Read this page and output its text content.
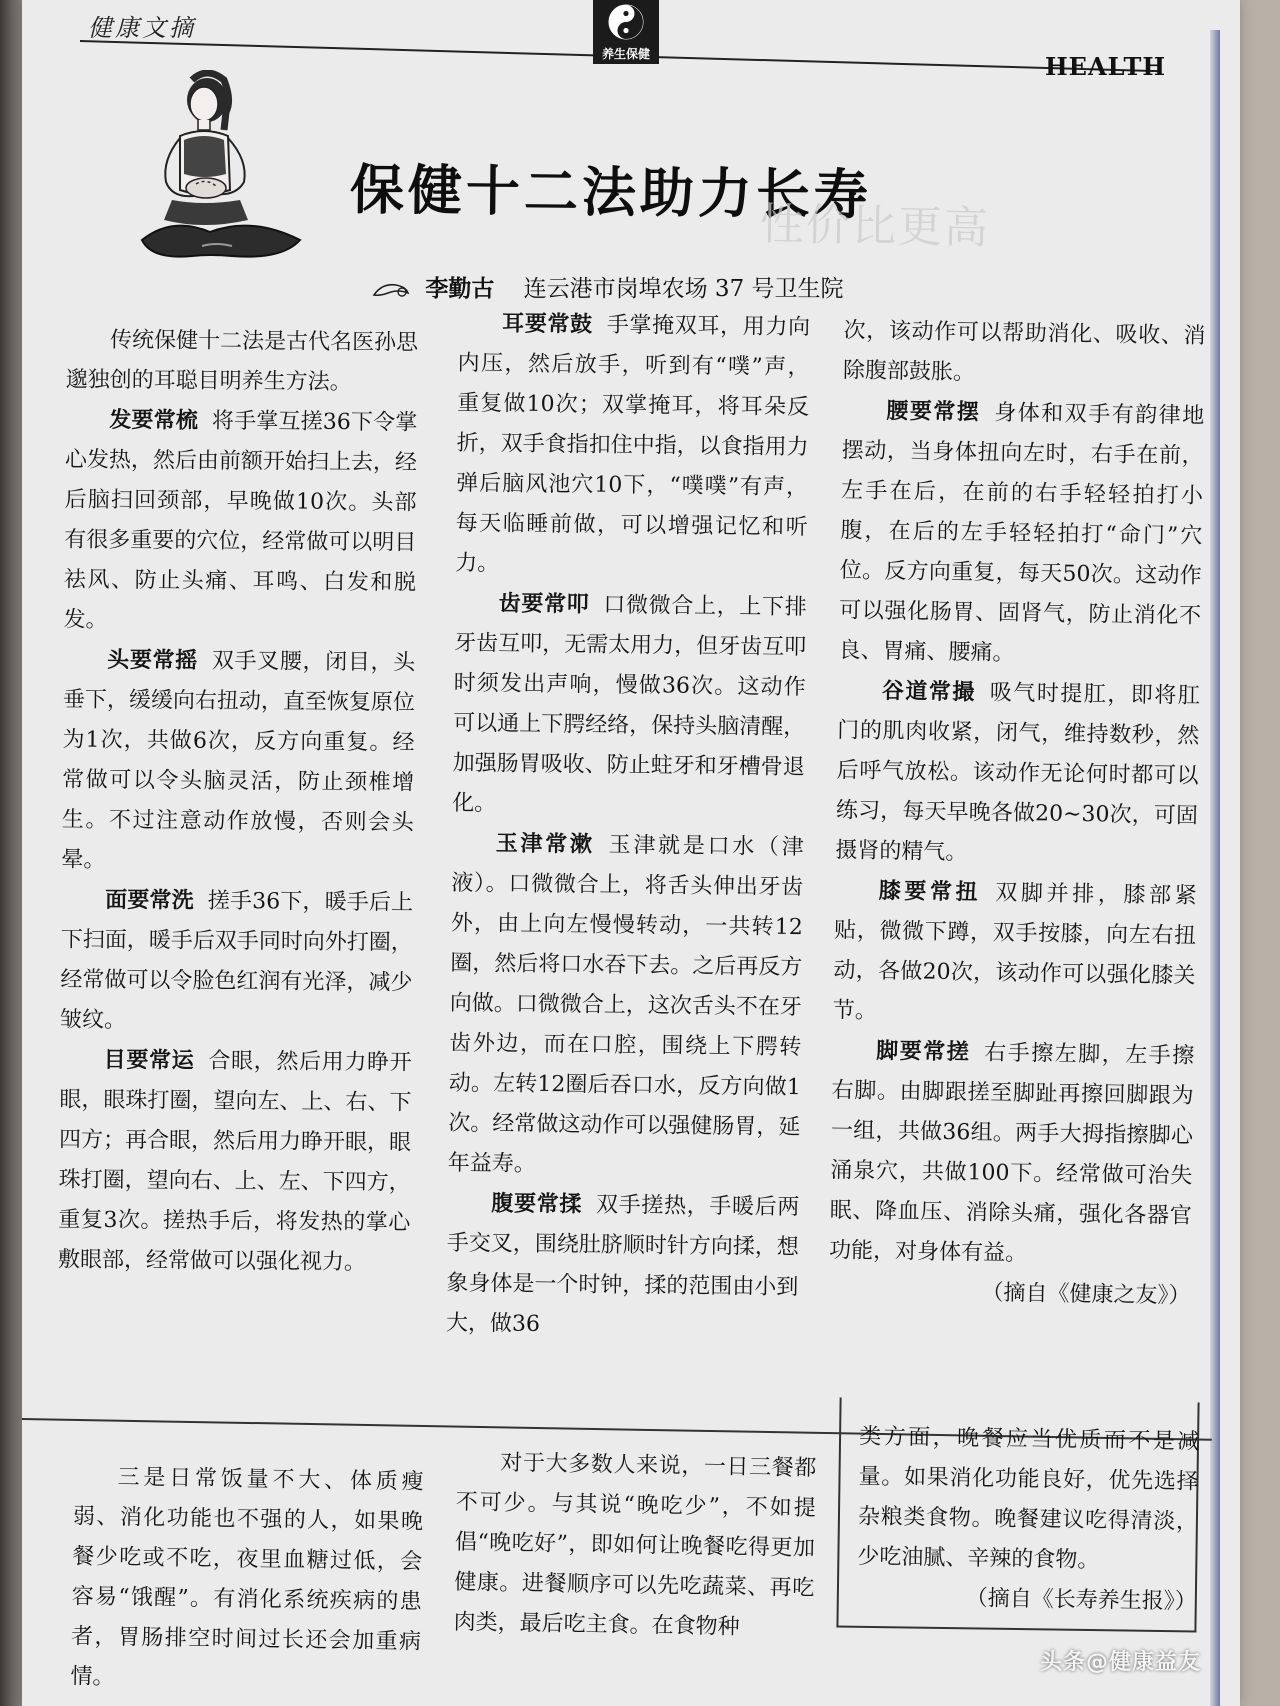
健康文摘
养生保健	HEALTH
保健十二法助力长寿
性价比更高
李勤古 连云港市岗埠农场 37 号卫生院

传统保健十二法是古代名医孙思邈独创的耳聪目明养生方法。

发要常梳 将手掌互搓36下令掌心发热，然后由前额开始扫上去，经后脑扫回颈部，早晚做10次。头部有很多重要的穴位，经常做可以明目祛风、防止头痛、耳鸣、白发和脱发。

头要常摇 双手叉腰，闭目，头垂下，缓缓向右扭动，直至恢复原位为1次，共做6次，反方向重复。经常做可以令头脑灵活，防止颈椎增生。不过注意动作放慢，否则会头晕。

面要常洗 搓手36下，暖手后上下扫面，暖手后双手同时向外打圈，经常做可以令脸色红润有光泽，减少皱纹。

目要常运 合眼，然后用力睁开眼，眼珠打圈，望向左、上、右、下四方；再合眼，然后用力睁开眼，眼珠打圈，望向右、上、左、下四方，重复3次。搓热手后，将发热的掌心敷眼部，经常做可以强化视力。

耳要常鼓 手掌掩双耳，用力向内压，然后放手，听到有“噗”声，重复做10次；双掌掩耳，将耳朵反折，双手食指扣住中指，以食指用力弹后脑风池穴10下，“噗噗”有声，每天临睡前做，可以增强记忆和听力。

齿要常叩 口微微合上，上下排牙齿互叩，无需太用力，但牙齿互叩时须发出声响，慢做36次。这动作可以通上下腭经络，保持头脑清醒，加强肠胃吸收、防止蛀牙和牙槽骨退化。

玉津常漱 玉津就是口水（津液）。口微微合上，将舌头伸出牙齿外，由上向左慢慢转动，一共转12圈，然后将口水吞下去。之后再反方向做。口微微合上，这次舌头不在牙齿外边，而在口腔，围绕上下腭转动。左转12圈后吞口水，反方向做1次。经常做这动作可以强健肠胃，延年益寿。

腹要常揉 双手搓热，手暖后两手交叉，围绕肚脐顺时针方向揉，想象身体是一个时钟，揉的范围由小到大，做36

次，该动作可以帮助消化、吸收、消除腹部鼓胀。

腰要常摆 身体和双手有韵律地摆动，当身体扭向左时，右手在前，左手在后，在前的右手轻轻拍打小腹，在后的左手轻轻拍打“命门”穴位。反方向重复，每天50次。这动作可以强化肠胃、固肾气，防止消化不良、胃痛、腰痛。

谷道常撮 吸气时提肛，即将肛门的肌肉收紧，闭气，维持数秒，然后呼气放松。该动作无论何时都可以练习，每天早晚各做20~30次，可固摄肾的精气。

膝要常扭 双脚并排，膝部紧贴，微微下蹲，双手按膝，向左右扭动，各做20次，该动作可以强化膝关节。

脚要常搓 右手擦左脚，左手擦右脚。由脚跟搓至脚趾再擦回脚跟为一组，共做36组。两手大拇指擦脚心涌泉穴，共做100下。经常做可治失眠、降血压、消除头痛，强化各器官功能，对身体有益。

（摘自《健康之友》）

三是日常饭量不大、体质瘦弱、消化功能也不强的人，如果晚餐少吃或不吃，夜里血糖过低，会容易“饿醒”。有消化系统疾病的患者，胃肠排空时间过长还会加重病情。

对于大多数人来说，一日三餐都不可少。与其说“晚吃少”，不如提倡“晚吃好”，即如何让晚餐吃得更加健康。进餐顺序可以先吃蔬菜、再吃肉类，最后吃主食。在食物种

类方面，晚餐应当优质而不是减量。如果消化功能良好，优先选择杂粮类食物。晚餐建议吃得清淡，少吃油腻、辛辣的食物。

（摘自《长寿养生报》）

头条@健康益友
